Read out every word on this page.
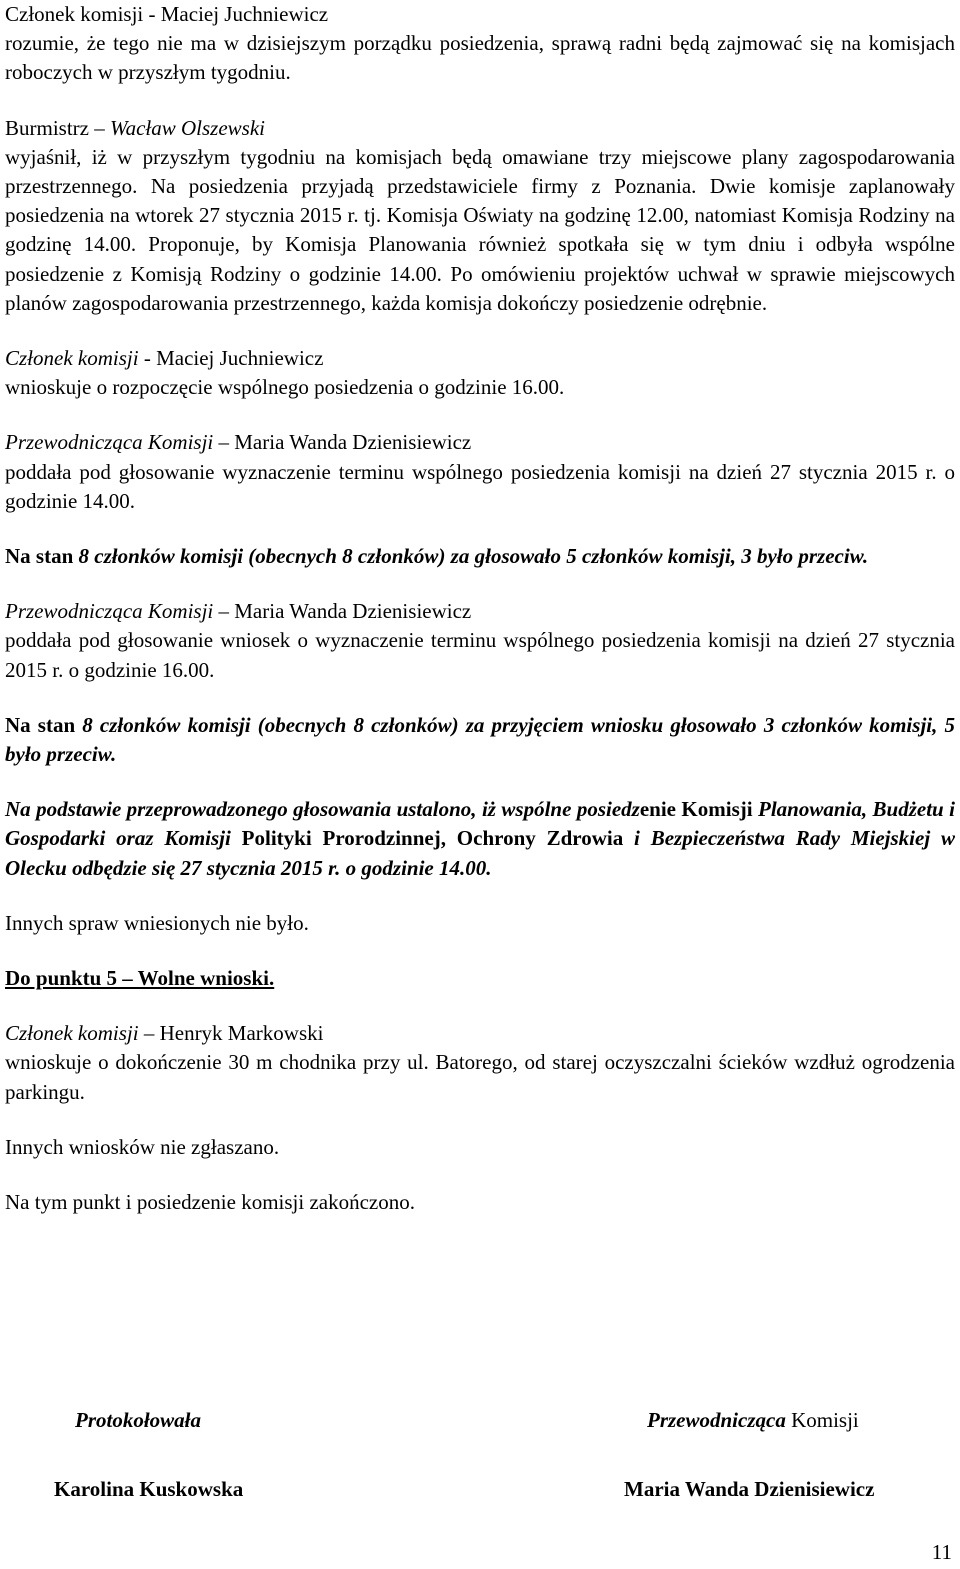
Członek komisji - Maciej Juchniewicz

rozumie, że tego nie ma w dzisiejszym porządku posiedzenia, sprawą radni będą zajmować się na komisjach roboczych w przyszłym tygodniu.

Burmistrz – Wacław Olszewski

wyjaśnił, iż w przyszłym tygodniu na komisjach będą omawiane trzy miejscowe plany zagospodarowania przestrzennego. Na posiedzenia przyjadą przedstawiciele firmy z Poznania. Dwie komisje zaplanowały posiedzenia na wtorek 27 stycznia 2015 r. tj. Komisja Oświaty na godzinę 12.00, natomiast Komisja Rodziny na godzinę 14.00. Proponuje, by Komisja Planowania również spotkała się w tym dniu i odbyła wspólne posiedzenie z Komisją Rodziny o godzinie 14.00. Po omówieniu projektów uchwał w sprawie miejscowych planów zagospodarowania przestrzennego, każda komisja dokończy posiedzenie odrębnie.

Członek komisji - Maciej Juchniewicz

wnioskuje o rozpoczęcie wspólnego posiedzenia o godzinie 16.00.

Przewodnicząca Komisji – Maria Wanda Dzienisiewicz

poddała pod głosowanie wyznaczenie terminu wspólnego posiedzenia komisji na dzień 27 stycznia 2015 r. o godzinie 14.00.

Na stan 8 członków komisji (obecnych 8 członków) za głosowało 5 członków komisji, 3 było przeciw.

Przewodnicząca Komisji – Maria Wanda Dzienisiewicz

poddała pod głosowanie wniosek o wyznaczenie terminu wspólnego posiedzenia komisji na dzień 27 stycznia 2015 r. o godzinie 16.00.

Na stan 8 członków komisji (obecnych 8 członków) za przyjęciem wniosku głosowało 3 członków komisji, 5 było przeciw.

Na podstawie przeprowadzonego głosowania ustalono, iż wspólne posiedzenie Komisji Planowania, Budżetu i Gospodarki oraz Komisji Polityki Prorodzinnej, Ochrony Zdrowia i Bezpieczeństwa Rady Miejskiej w Olecku odbędzie się 27 stycznia 2015 r. o godzinie 14.00.

Innych spraw wniesionych nie było.

Do punktu 5 – Wolne wnioski.

Członek komisji – Henryk Markowski

wnioskuje o dokończenie 30 m chodnika przy ul. Batorego, od starej oczyszczalni ścieków wzdłuż ogrodzenia parkingu.

Innych wniosków nie zgłaszano.

Na tym punkt i posiedzenie komisji zakończono.

Protokołowała
Karolina Kuskowska
Przewodnicząca Komisji
Maria Wanda Dzienisiewicz
11
